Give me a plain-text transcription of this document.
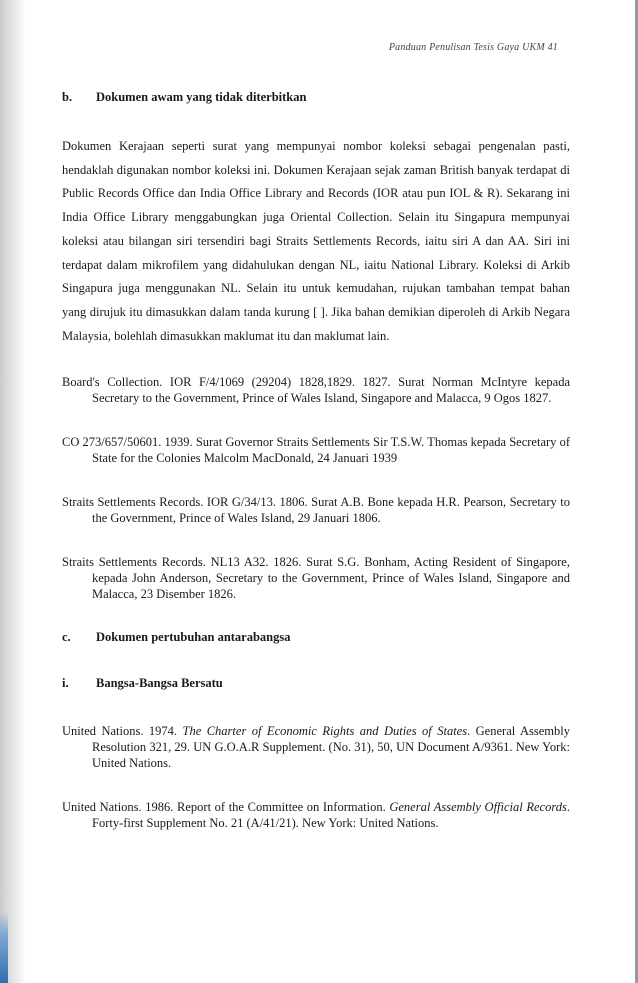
Panduan Penulisan Tesis Gaya UKM 41
b.	Dokumen awam yang tidak diterbitkan

Dokumen Kerajaan seperti surat yang mempunyai nombor koleksi sebagai pengenalan pasti, hendaklah digunakan nombor koleksi ini. Dokumen Kerajaan sejak zaman British banyak terdapat di Public Records Office dan India Office Library and Records (IOR atau pun IOL & R). Sekarang ini India Office Library menggabungkan juga Oriental Collection. Selain itu Singapura mempunyai koleksi atau bilangan siri tersendiri bagi Straits Settlements Records, iaitu siri A dan AA. Siri ini terdapat dalam mikrofilem yang didahulukan dengan NL, iaitu National Library. Koleksi di Arkib Singapura juga menggunakan NL. Selain itu untuk kemudahan, rujukan tambahan tempat bahan yang dirujuk itu dimasukkan dalam tanda kurung [ ]. Jika bahan demikian diperoleh di Arkib Negara Malaysia, bolehlah dimasukkan maklumat itu dan maklumat lain.

Board's Collection. IOR F/4/1069 (29204) 1828,1829. 1827. Surat Norman McIntyre kepada Secretary to the Government, Prince of Wales Island, Singapore and Malacca, 9 Ogos 1827.

CO 273/657/50601. 1939. Surat Governor Straits Settlements Sir T.S.W. Thomas kepada Secretary of State for the Colonies Malcolm MacDonald, 24 Januari 1939

Straits Settlements Records. IOR G/34/13. 1806. Surat A.B. Bone kepada H.R. Pearson, Secretary to the Government, Prince of Wales Island, 29 Januari 1806.

Straits Settlements Records. NL13 A32. 1826. Surat S.G. Bonham, Acting Resident of Singapore, kepada John Anderson, Secretary to the Government, Prince of Wales Island, Singapore and Malacca, 23 Disember 1826.

c.	Dokumen pertubuhan antarabangsa
i.	Bangsa-Bangsa Bersatu

United Nations. 1974. The Charter of Economic Rights and Duties of States. General Assembly Resolution 321, 29. UN G.O.A.R Supplement. (No. 31), 50, UN Document A/9361. New York: United Nations.

United Nations. 1986. Report of the Committee on Information. General Assembly Official Records. Forty-first Supplement No. 21 (A/41/21). New York: United Nations.
